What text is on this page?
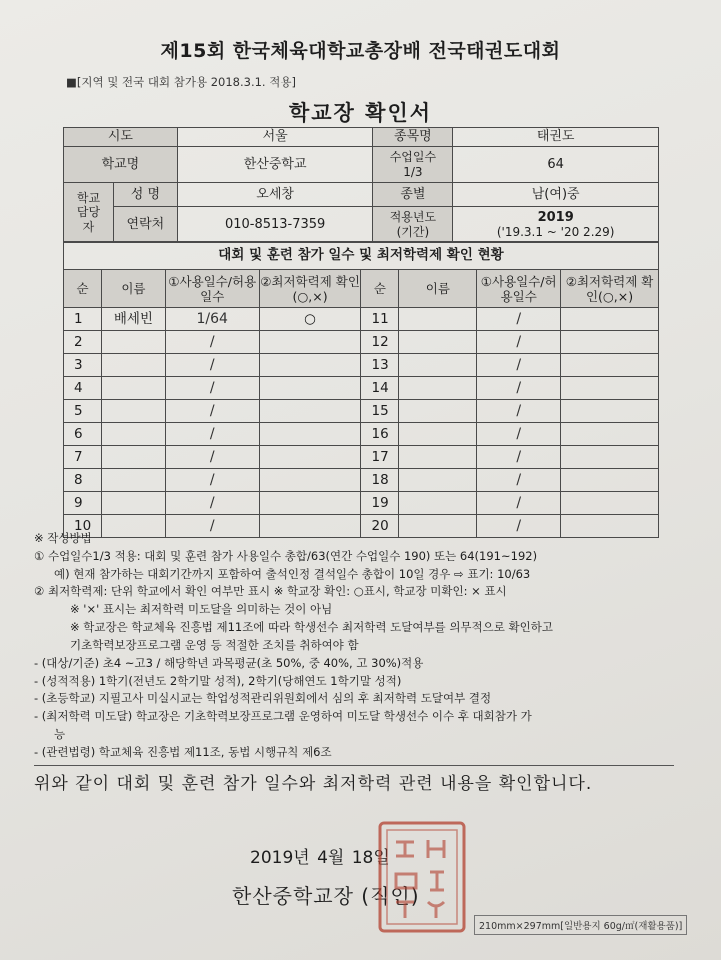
제15회 한국체육대학교총장배 전국태권도대회
■[지역 및 전국 대회 참가용 2018.3.1. 적용]
학교장 확인서
시도		서울	종목명	태권도
학교명		한산중학교	수업일수 1/3	64
학교 담당자	성 명	오세창	종별	남(여)중
	연락처	010-8513-7359	적용년도 (기간)	2019
('19.3.1 ~ '20 2.29)
대회 및 훈련 참가 일수 및 최저학력제 확인 현황
순	이름	①사용일수/허용일수	②최저학력제 확인(○,×)	순	이름	①사용일수/허용일수	②최저학력제 확인(○,×)
1	배세빈	1/64	○	11		/	
2		/		12		/	
3		/		13		/	
4		/		14		/	
5		/		15		/	
6		/		16		/	
7		/		17		/	
8		/		18		/	
9		/		19		/	
10		/		20		/	
※ 작성방법
① 수업일수1/3 적용: 대회 및 훈련 참가 사용일수 총합/63(연간 수업일수 190) 또는 64(191~192)
예) 현재 참가하는 대회기간까지 포함하여 출석인정 결석일수 총합이 10일 경우 ⇨ 표기: 10/63
② 최저학력제: 단위 학교에서 확인 여부만 표시 ※ 학교장 확인: ○표시, 학교장 미확인: × 표시
※ '×' 표시는 최저학력 미도달을 의미하는 것이 아님
※ 학교장은 학교체육 진흥법 제11조에 따라 학생선수 최저학력 도달여부를 의무적으로 확인하고
기초학력보장프로그램 운영 등 적절한 조치를 취하여야 함
- (대상/기준) 초4 ~고3 / 해당학년 과목평균(초 50%, 중 40%, 고 30%)적용
- (성적적용) 1학기(전년도 2학기말 성적), 2학기(당해연도 1학기말 성적)
- (초등학교) 지필고사 미실시교는 학업성적관리위원회에서 심의 후 최저학력 도달여부 결정
- (최저학력 미도달) 학교장은 기초학력보장프로그램 운영하여 미도달 학생선수 이수 후 대회참가 가
능
- (관련법령) 학교체육 진흥법 제11조, 동법 시행규칙 제6조
위와 같이 대회 및 훈련 참가 일수와 최저학력 관련 내용을 확인합니다.
2019년 4월 18일
한산중학교장 (직인)
210mm×297mm[일반용지 60g/㎡(재활용품)]
